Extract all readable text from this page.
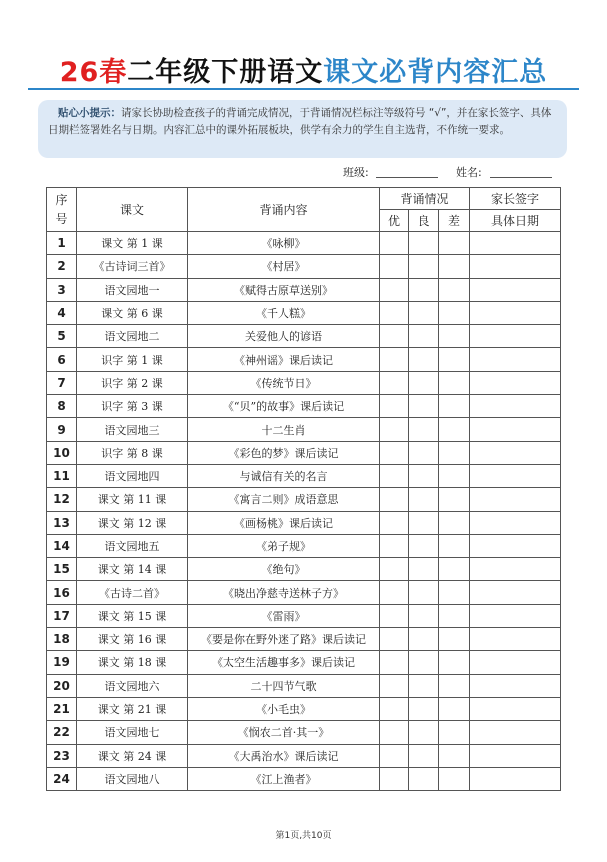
26春二年级下册语文课文必背内容汇总
贴心小提示：请家长协助检查孩子的背诵完成情况，于背诵情况栏标注等级符号 “√”，并在家长签字、具体日期栏签署姓名与日期。内容汇总中的课外拓展板块，供学有余力的学生自主选背，不作统一要求。
班级:	姓名:
序号	课文	背诵内容	背诵情况			家长签字
			优	良	差	具体日期
1	课文 第 1 课	《咏柳》				
2	《古诗词三首》	《村居》				
3	语文园地一	《赋得古原草送别》				
4	课文 第 6 课	《千人糕》				
5	语文园地二	关爱他人的谚语				
6	识字 第 1 课	《神州谣》课后读记				
7	识字 第 2 课	《传统节日》				
8	识字 第 3 课	《“贝”的故事》课后读记				
9	语文园地三	十二生肖				
10	识字 第 8 课	《彩色的梦》课后读记				
11	语文园地四	与诚信有关的名言				
12	课文 第 11 课	《寓言二则》成语意思				
13	课文 第 12 课	《画杨桃》课后读记				
14	语文园地五	《弟子规》				
15	课文 第 14 课	《绝句》				
16	《古诗二首》	《晓出净慈寺送林子方》				
17	课文 第 15 课	《雷雨》				
18	课文 第 16 课	《要是你在野外迷了路》课后读记				
19	课文 第 18 课	《太空生活趣事多》课后读记				
20	语文园地六	二十四节气歌				
21	课文 第 21 课	《小毛虫》				
22	语文园地七	《悯农二首·其一》				
23	课文 第 24 课	《大禹治水》课后读记				
24	语文园地八	《江上渔者》				
第1页,共10页
